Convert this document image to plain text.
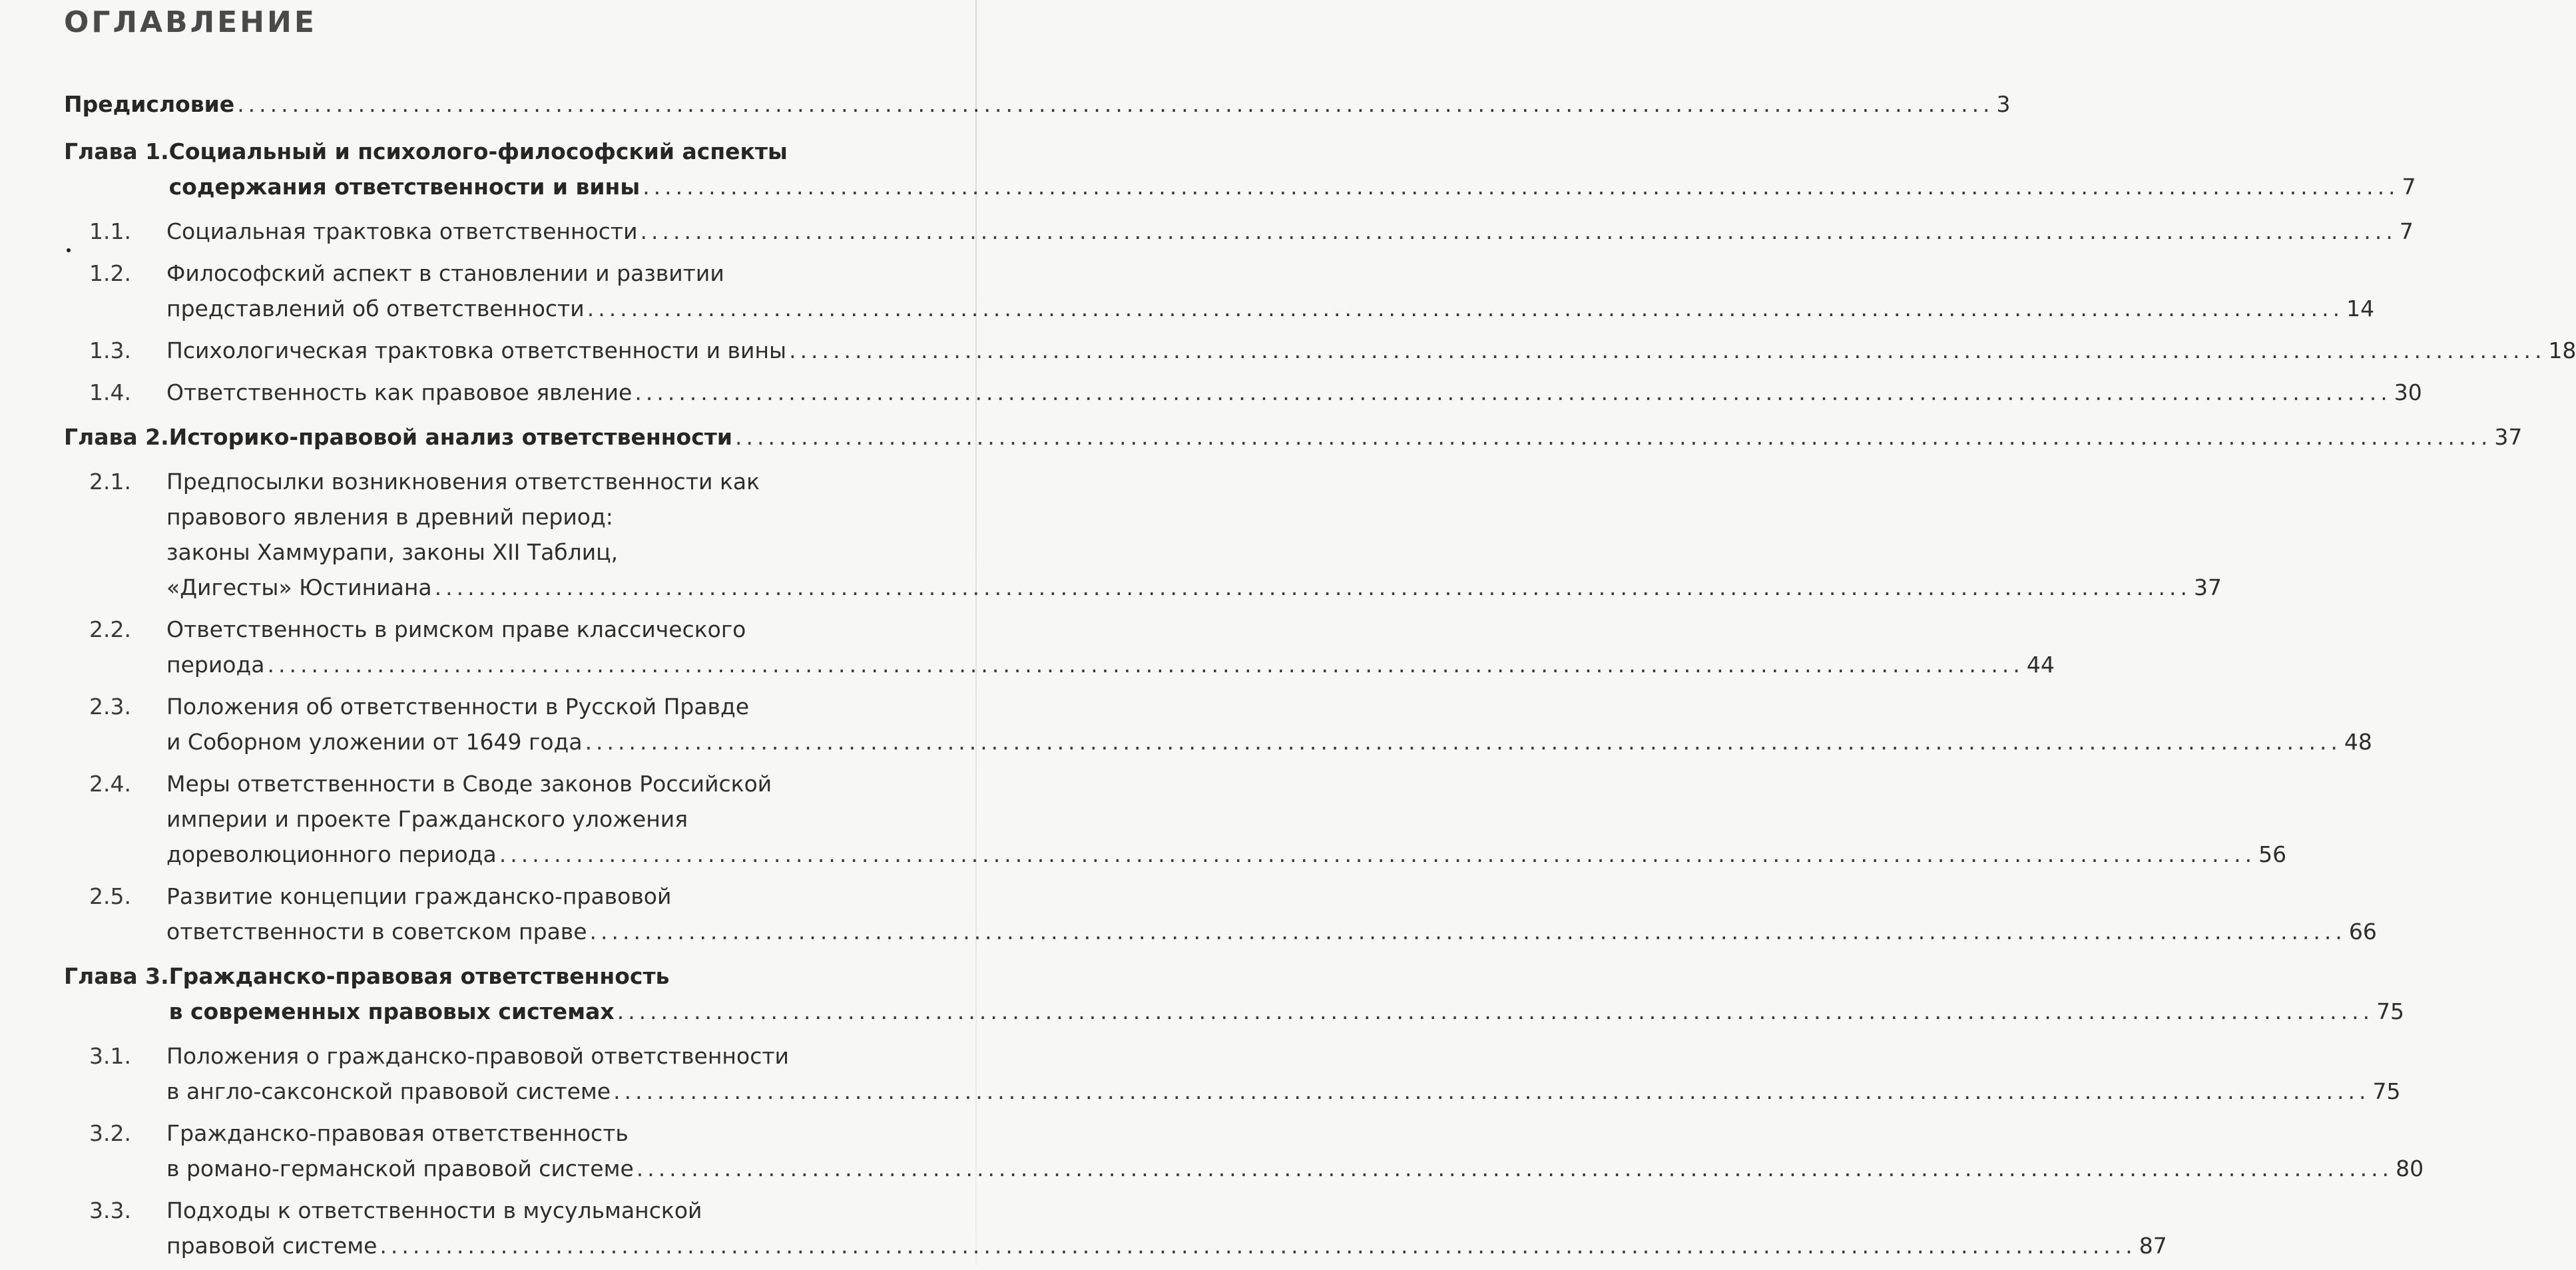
ОГЛАВЛЕНИЕ
Предисловие .....	3
Глава 1. Социальный и психолого-философский аспекты
содержания ответственности и вины .....	7
1.1.	Социальная трактовка ответственности .....	7
1.2.	Философский аспект в становлении и развитии
представлений об ответственности .....	14
1.3.	Психологическая трактовка ответственности и вины .....	18
1.4.	Ответственность как правовое явление .....	30
Глава 2. Историко-правовой анализ ответственности .....	37
2.1.	Предпосылки возникновения ответственности как
правового явления в древний период:
законы Хаммурапи, законы XII Таблиц,
«Дигесты» Юстиниана .....	37
2.2.	Ответственность в римском праве классического
периода .....	44
2.3.	Положения об ответственности в Русской Правде
и Соборном уложении от 1649 года .....	48
2.4.	Меры ответственности в Своде законов Российской
империи и проекте Гражданского уложения
дореволюционного периода .....	56
2.5.	Развитие концепции гражданско-правовой
ответственности в советском праве .....	66
Глава 3. Гражданско-правовая ответственность
в современных правовых системах .....	75
3.1.	Положения о гражданско-правовой ответственности
в англо-саксонской правовой системе .....	75
3.2.	Гражданско-правовая ответственность
в романо-германской правовой системе .....	80
3.3.	Подходы к ответственности в мусульманской
правовой системе .....	87
